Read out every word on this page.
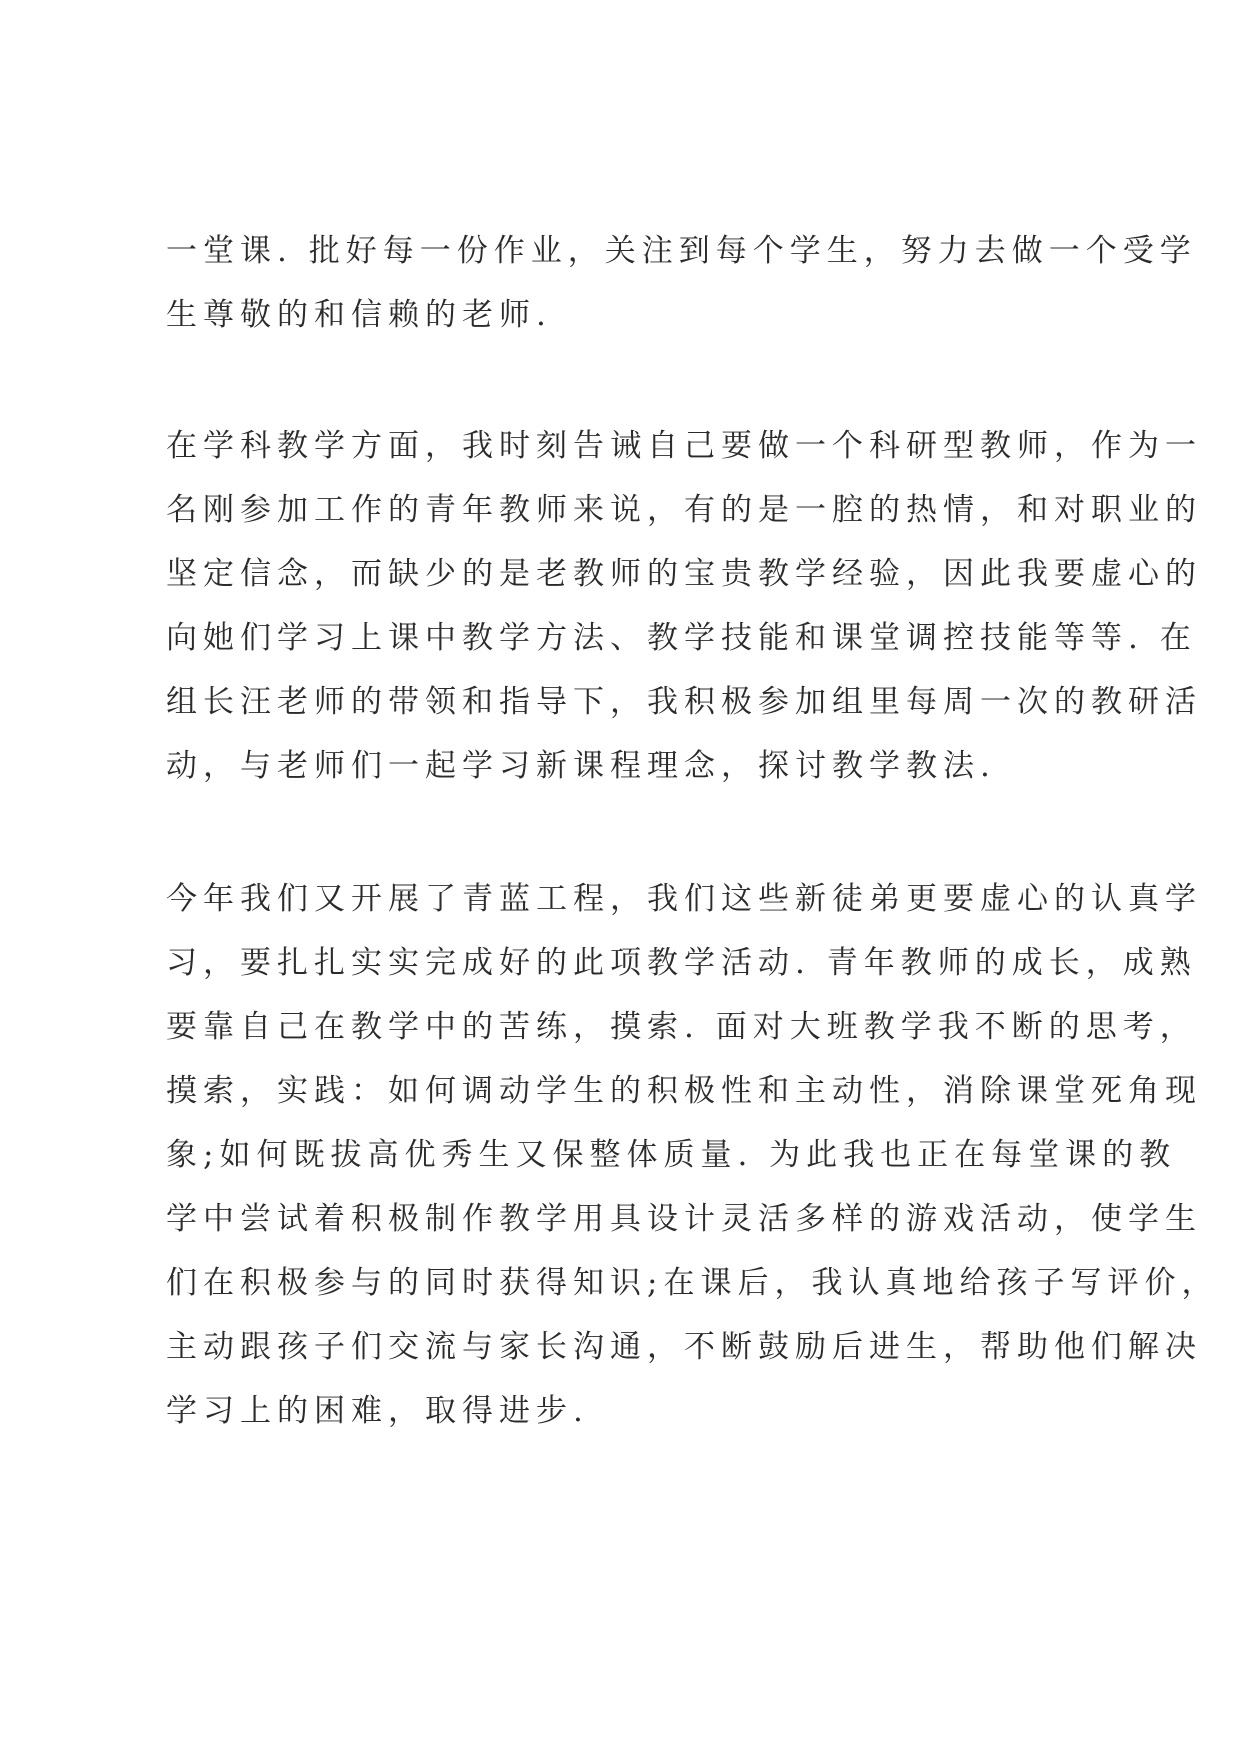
一堂课. 批好每一份作业，关注到每个学生，努力去做一个受学
生尊敬的和信赖的老师.
在学科教学方面，我时刻告诫自己要做一个科研型教师，作为一
名刚参加工作的青年教师来说，有的是一腔的热情，和对职业的
坚定信念，而缺少的是老教师的宝贵教学经验，因此我要虚心的
向她们学习上课中教学方法、教学技能和课堂调控技能等等. 在
组长汪老师的带领和指导下，我积极参加组里每周一次的教研活
动，与老师们一起学习新课程理念，探讨教学教法.
今年我们又开展了青蓝工程，我们这些新徒弟更要虚心的认真学
习，要扎扎实实完成好的此项教学活动. 青年教师的成长，成熟
要靠自己在教学中的苦练，摸索. 面对大班教学我不断的思考，
摸索，实践：如何调动学生的积极性和主动性，消除课堂死角现
象;如何既拔高优秀生又保整体质量. 为此我也正在每堂课的教
学中尝试着积极制作教学用具设计灵活多样的游戏活动，使学生
们在积极参与的同时获得知识;在课后，我认真地给孩子写评价，
主动跟孩子们交流与家长沟通，不断鼓励后进生，帮助他们解决
学习上的困难，取得进步.
